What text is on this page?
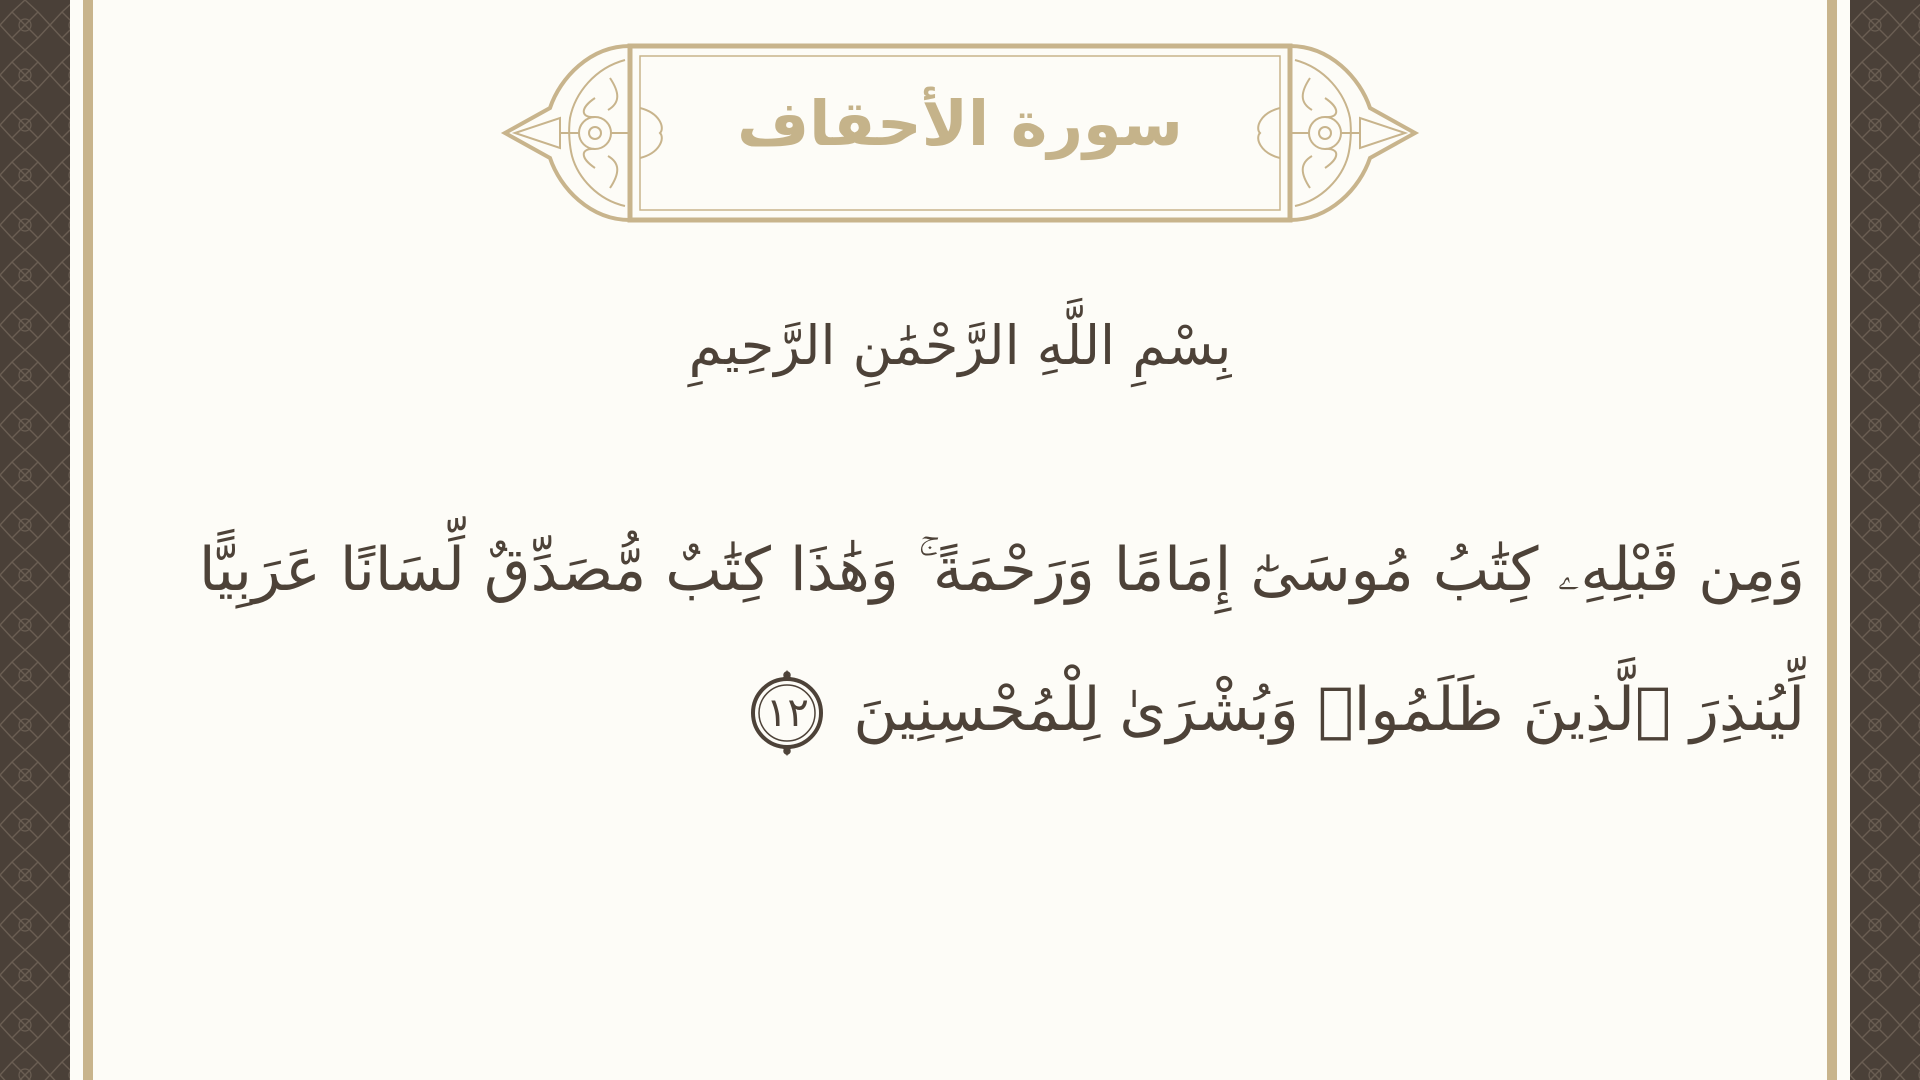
سورة الأحقاف
بِسْمِ اللَّهِ الرَّحْمَٰنِ الرَّحِيمِ
وَمِن قَبْلِهِۦ كِتَٰبُ مُوسَىٰٓ إِمَامًا وَرَحْمَةً ۚ وَهَٰذَا كِتَٰبٌ مُّصَدِّقٌ لِّسَانًا عَرَبِيًّا
لِّيُنذِرَ ٱلَّذِينَ ظَلَمُوا۟ وَبُشْرَىٰ لِلْمُحْسِنِينَ
١٢
